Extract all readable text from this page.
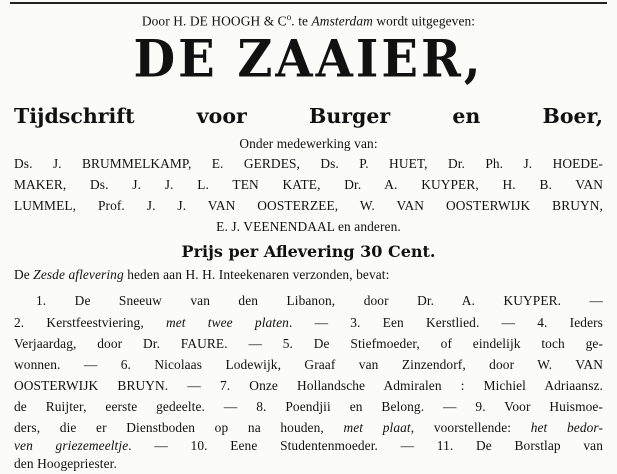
Door H. DE HOOGH & $C^o$. te Amsterdam wordt uitgegeven:
DE ZAAIER,
Tijdschrift voor Burger en Boer,
Onder medewerking van:
Ds. J. BRUMMELKAMP, E. GERDES, Ds. P. HUET, Dr. Ph. J. HOEDE-
MAKER, Ds. J. J. L. TEN KATE, Dr. A. KUYPER, H. B. VAN
LUMMEL, Prof. J. J. VAN OOSTERZEE, W. VAN OOSTERWIJK BRUYN,
E. J. VEENENDAAL en anderen.
Prijs per Aflevering 30 Cent.
De Zesde aflevering heden aan H. H. Inteekenaren verzonden, bevat:
1. De Sneeuw van den Libanon, door Dr. A. KUYPER. —
2. Kerstfeestviering, met twee platen. — 3. Een Kerstlied. — 4. Ieders
Verjaardag, door Dr. FAURE. — 5. De Stiefmoeder, of eindelijk toch ge-
wonnen. — 6. Nicolaas Lodewijk, Graaf van Zinzendorf, door W. VAN
OOSTERWIJK BRUYN. — 7. Onze Hollandsche Admiralen : Michiel Adriaansz.
de Ruijter, eerste gedeelte. — 8. Poendjii en Belong. — 9. Voor Huismoe-
ders, die er Dienstboden op na houden, met plaat, voorstellende: het bedor-
ven griezemeeltje. — 10. Eene Studentenmoeder. — 11. De Borstlap van
den Hoogepriester.
